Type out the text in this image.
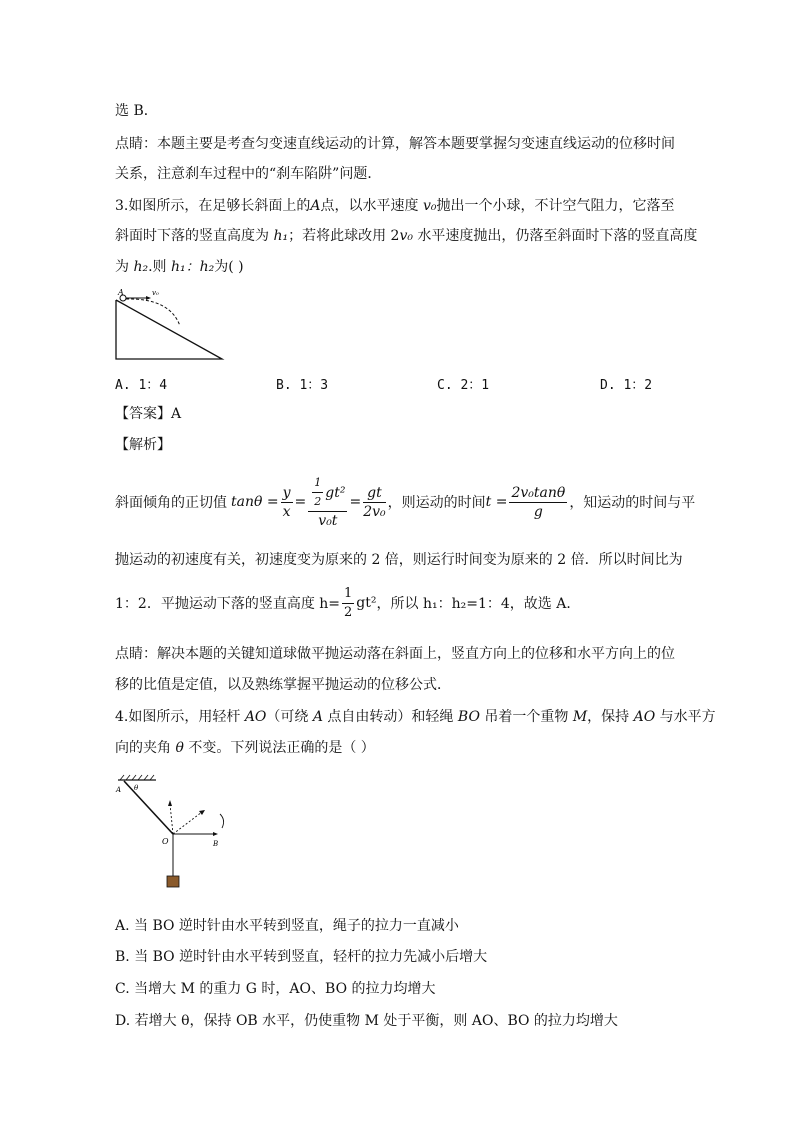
选 B．
点睛：本题主要是考查匀变速直线运动的计算，解答本题要掌握匀变速直线运动的位移时间
关系，注意刹车过程中的“刹车陷阱”问题．
3.如图所示，在足够长斜面上的A点，以水平速度 v₀抛出一个小球，不计空气阻力，它落至
斜面时下落的竖直高度为 h₁；若将此球改用 2v₀ 水平速度抛出，仍落至斜面时下落的竖直高度
为 h₂.则 h₁：h₂为( )
A	v₀
A. 1：4	B. 1：3	C. 2：1	D. 1：2
【答案】A
【解析】
斜面倾角的正切值 $\tan\theta = \frac{y}{x} = \frac{\frac{1}{2} gt^2}{\text{v₀t}} = \frac{gt}{\text{2v₀}}$ ，则运动的时间 $t = \frac{\text{2v₀tanθ}}{g}$ ，知运动的时间与平
抛运动的初速度有关，初速度变为原来的 2 倍，则运行时间变为原来的 2 倍．所以时间比为
1：2．平抛运动下落的竖直高度 $h= \frac{1}{2} gt^2$ ，所以 h₁：h₂=1：4，故选 A．
点睛：解决本题的关键知道球做平抛运动落在斜面上，竖直方向上的位移和水平方向上的位
移的比值是定值，以及熟练掌握平抛运动的位移公式．
4.如图所示，用轻杆 AO（可绕 A 点自由转动）和轻绳 BO 吊着一个重物 M，保持 AO 与水平方
向的夹角 θ 不变。下列说法正确的是（ ）
A θ
O	B
A. 当 BO 逆时针由水平转到竖直，绳子的拉力一直减小
B. 当 BO 逆时针由水平转到竖直，轻杆的拉力先减小后增大
C. 当增大 M 的重力 G 时，AO、BO 的拉力均增大
D. 若增大 θ，保持 OB 水平，仍使重物 M 处于平衡，则 AO、BO 的拉力均增大
